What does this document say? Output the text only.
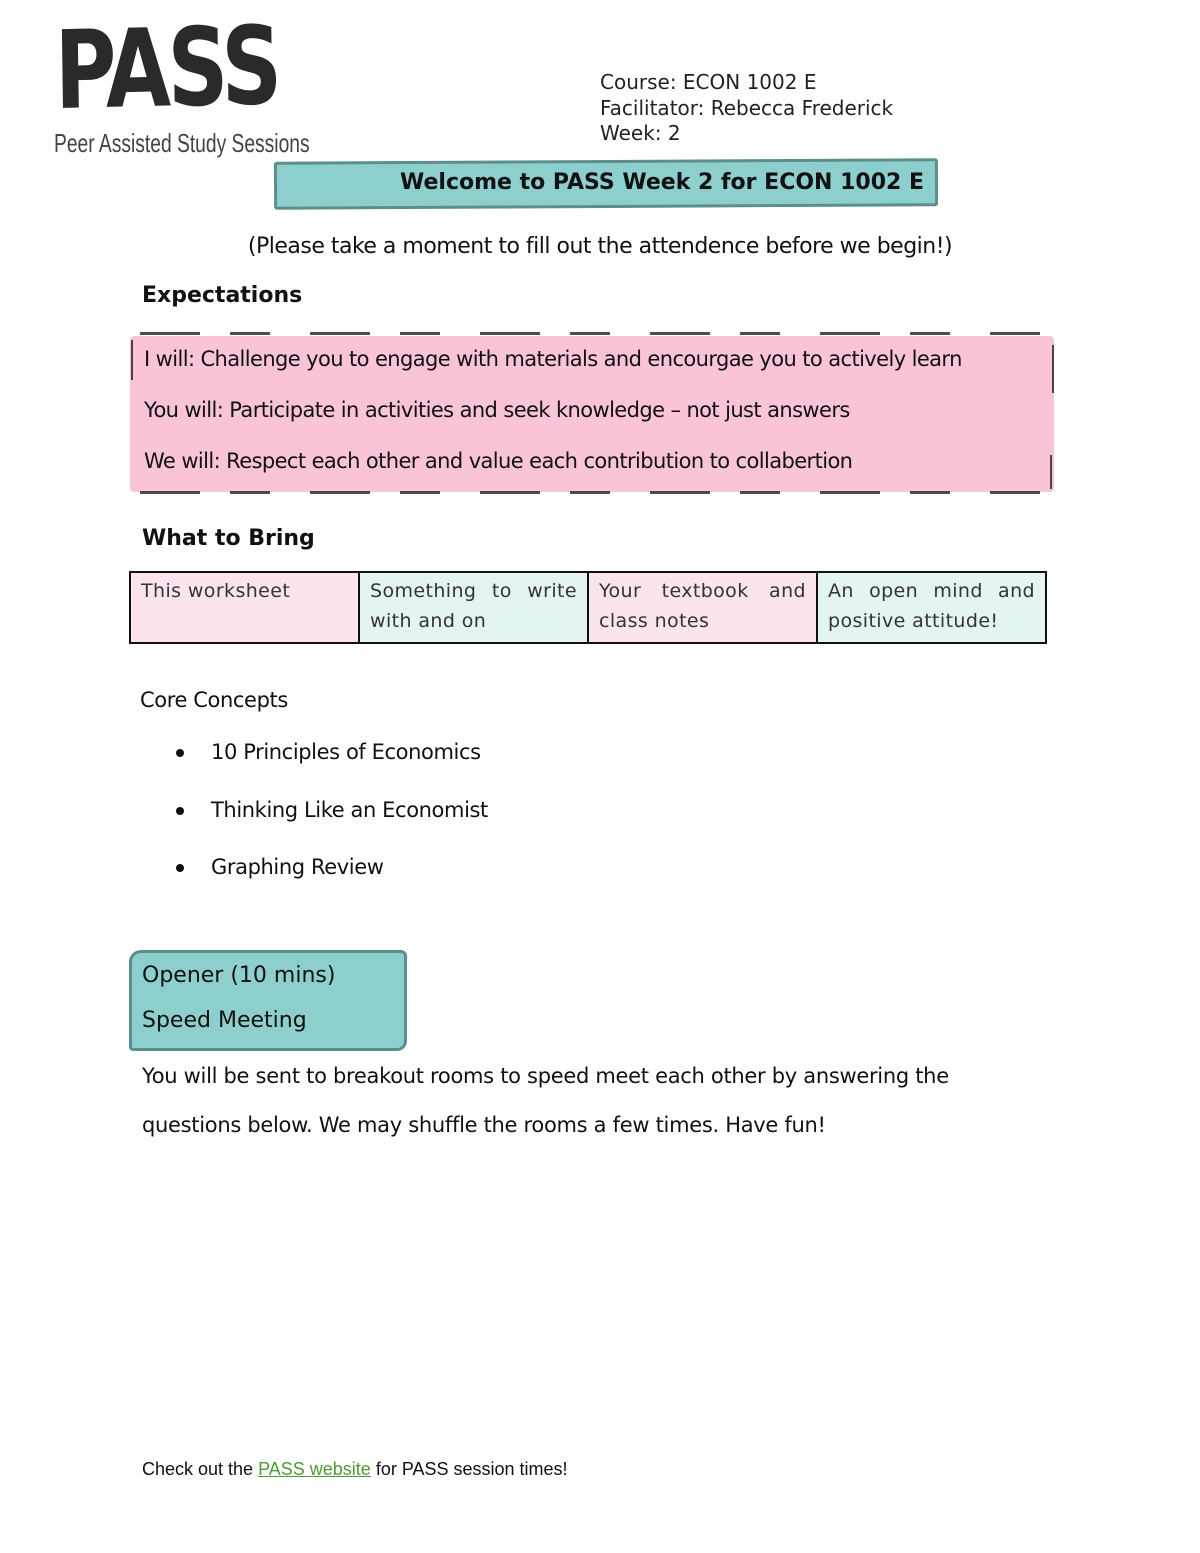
PASS
Peer Assisted Study Sessions
Course: ECON 1002 E
Facilitator: Rebecca Frederick
Week: 2
Welcome to PASS Week 2 for ECON 1002 E
(Please take a moment to fill out the attendence before we begin!)
Expectations
I will: Challenge you to engage with materials and encourgae you to actively learn
You will: Participate in activities and seek knowledge – not just answers
We will: Respect each other and value each contribution to collabertion
What to Bring
This worksheet	Something to write with and on
Your textbook and class notes
An open mind and positive attitude!
Core Concepts
10 Principles of Economics
Thinking Like an Economist
Graphing Review
Opener (10 mins)
Speed Meeting
You will be sent to breakout rooms to speed meet each other by answering the questions below. We may shuffle the rooms a few times. Have fun!
Check out the PASS website for PASS session times!
